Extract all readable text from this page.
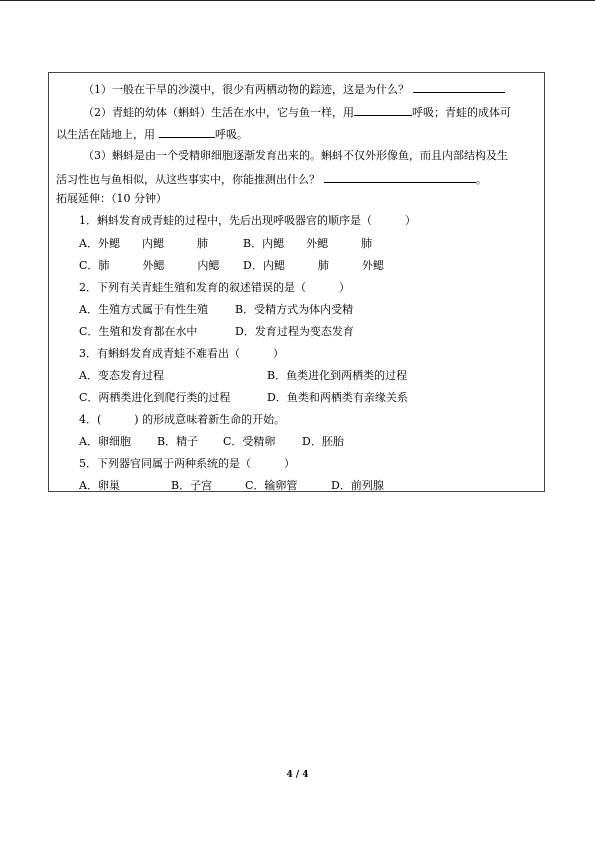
（1）一般在干旱的沙漠中，很少有两栖动物的踪迹，这是为什么？
（2）青蛙的幼体（蝌蚪）生活在水中，它与鱼一样，用	呼吸；青蛙的成体可
以生活在陆地上，用	呼吸。
（3）蝌蚪是由一个受精卵细胞逐渐发育出来的。蝌蚪不仅外形像鱼，而且内部结构及生
活习性也与鱼相似，从这些事实中，你能推测出什么？	。
拓展延伸：（10 分钟）
1．蝌蚪发育成青蛙的过程中，先后出现呼吸器官的顺序是（　　　）
A．外鳃　　内鳃　　　肺	B．内鳃　　外鳃　　　肺
C．肺　　　外鳃　　　内鳃 D．内鳃　　　肺　　　外鳃
2．下列有关青蛙生殖和发育的叙述错误的是（　　　）
A．生殖方式属于有性生殖 B．受精方式为体内受精
C．生殖和发育都在水中	D．发育过程为变态发育
3．有蝌蚪发育成青蛙不难看出（　　　）
A．变态发育过程	B．鱼类进化到两栖类的过程
C．两栖类进化到爬行类的过程	D．鱼类和两栖类有亲缘关系
4．(　　　) 的形成意味着新生命的开始。
A．卵细胞 B．精子 C．受精卵 D．胚胎
5．下列器官同属于两种系统的是（　　　）
A．卵巢	B．子宫	C．输卵管	D．前列腺
4 / 4
